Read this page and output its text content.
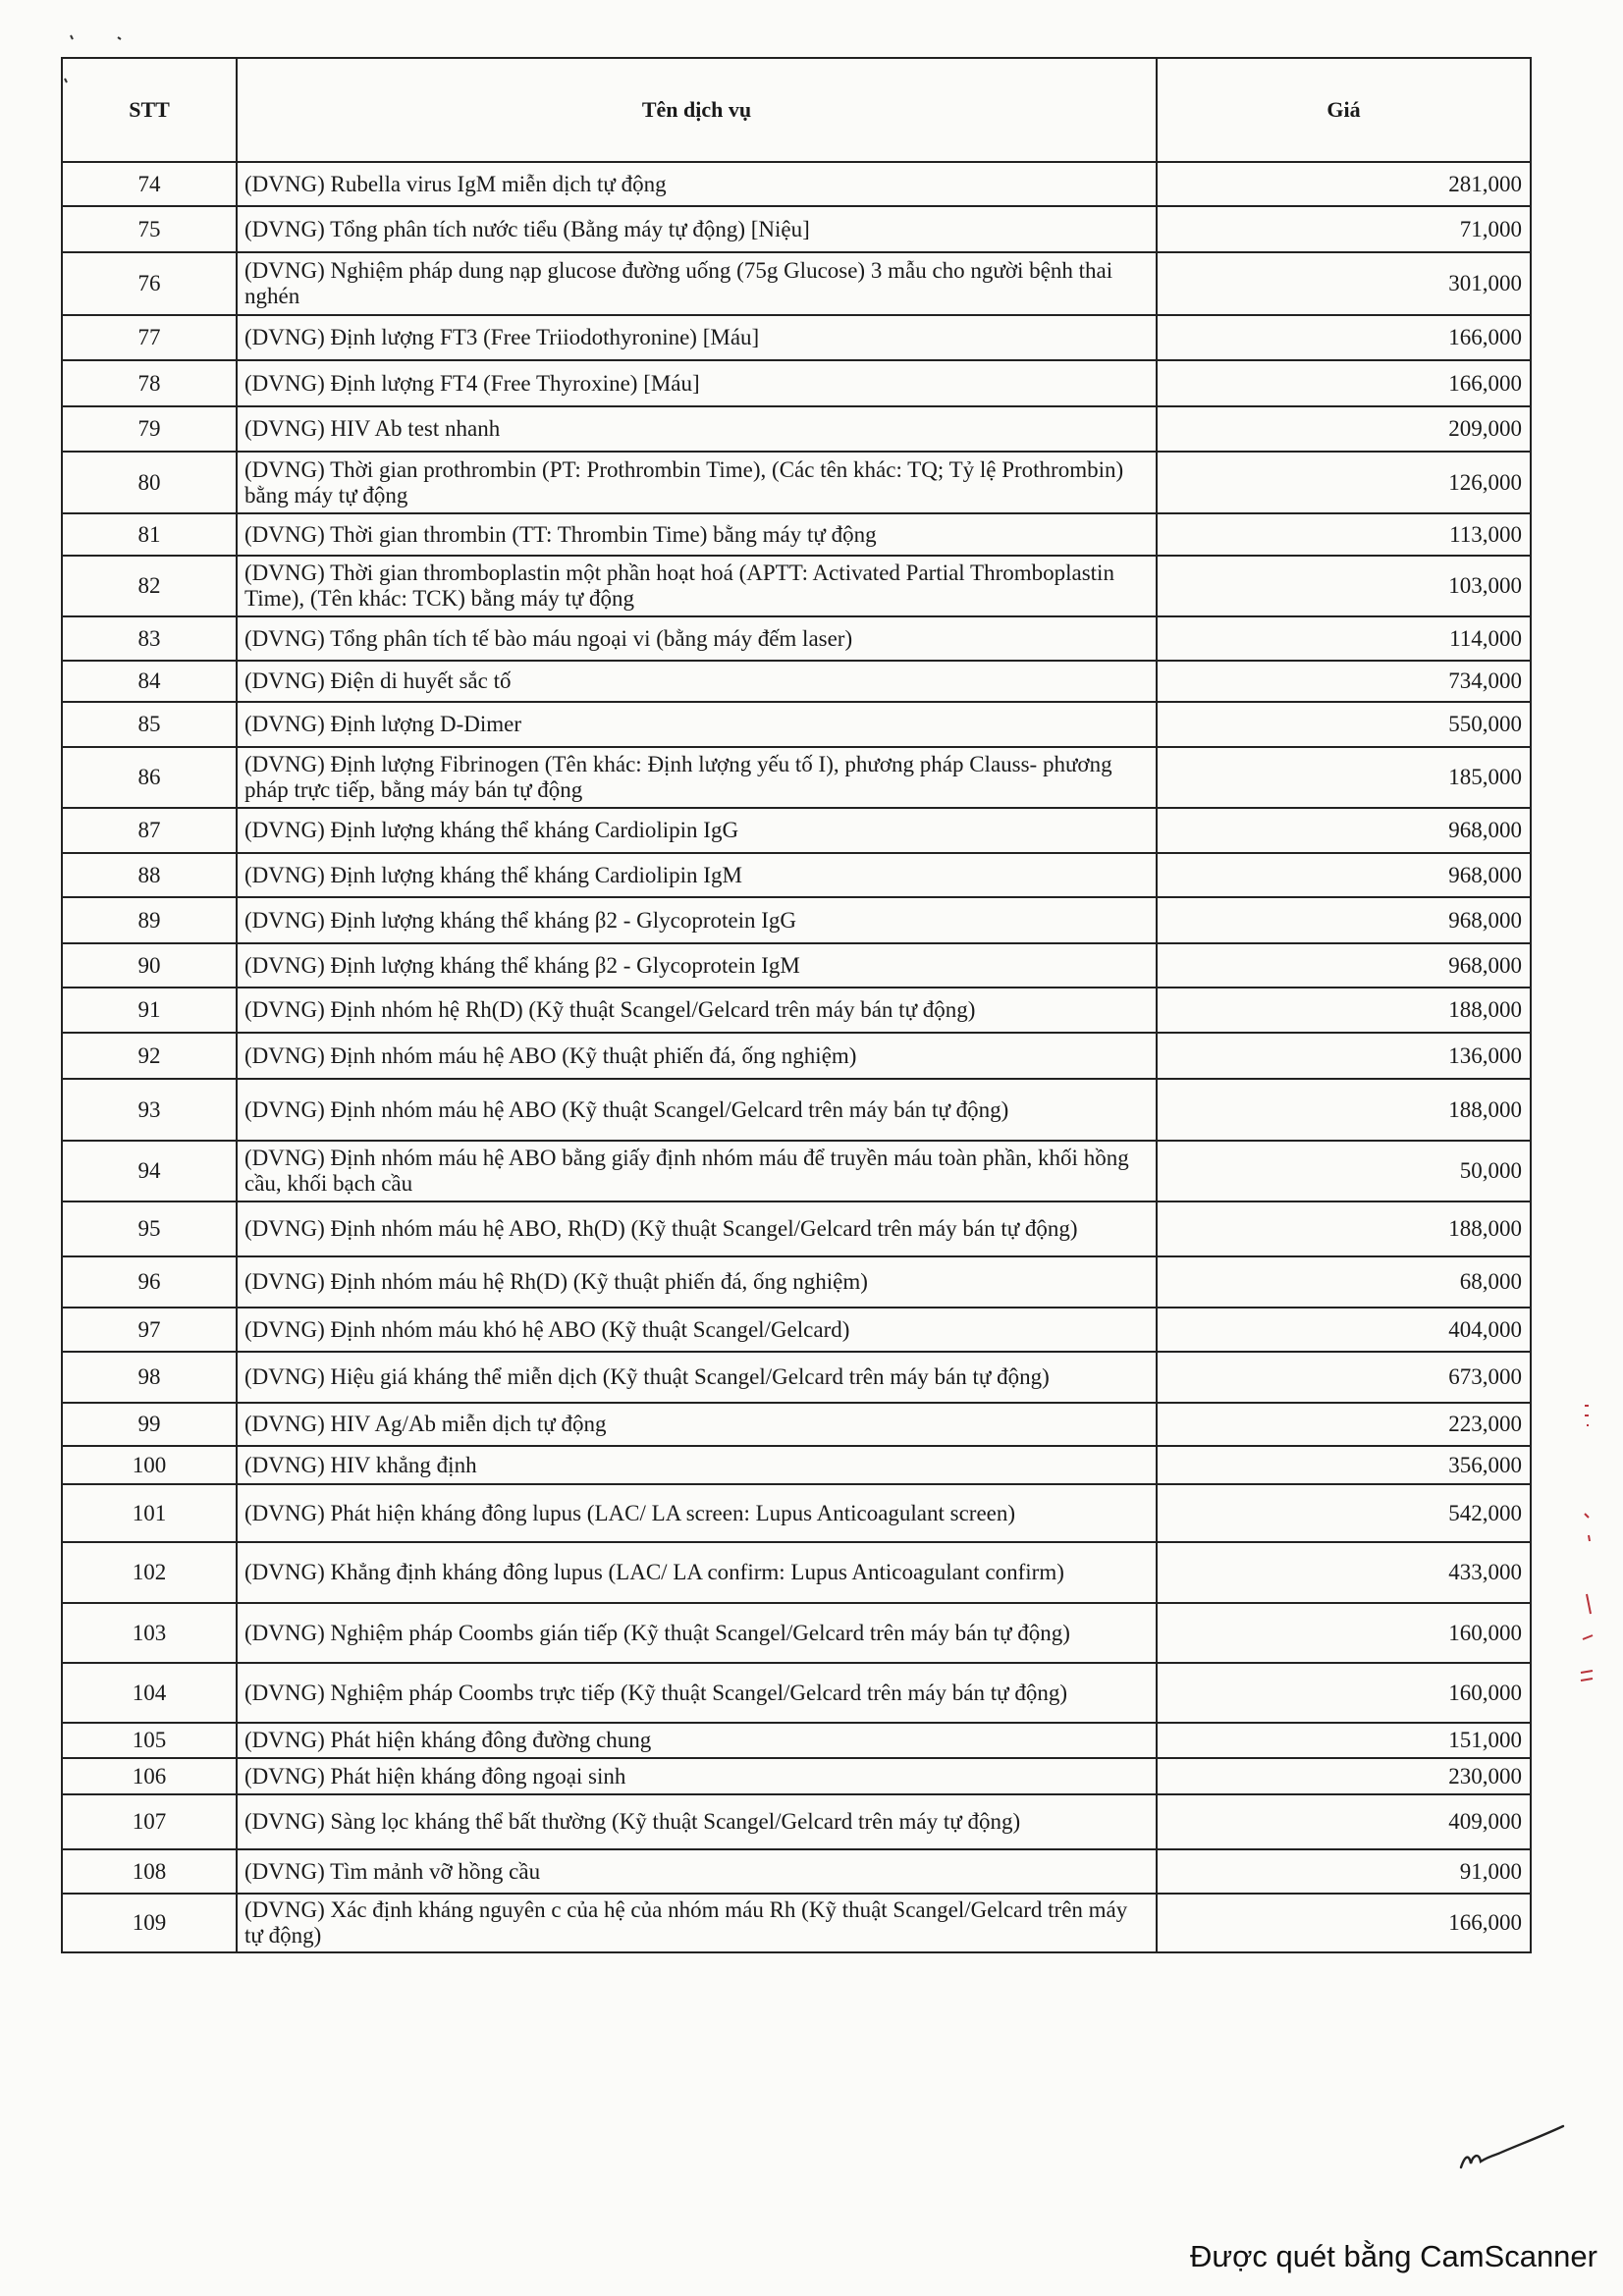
STT	Tên dịch vụ	Giá
74	(DVNG) Rubella virus IgM miễn dịch tự động	281,000
75	(DVNG) Tổng phân tích nước tiểu (Bằng máy tự động) [Niệu]	71,000
76	(DVNG) Nghiệm pháp dung nạp glucose đường uống (75g Glucose) 3 mẫu cho người bệnh thai nghén	301,000
77	(DVNG) Định lượng FT3 (Free Triiodothyronine) [Máu]	166,000
78	(DVNG) Định lượng FT4 (Free Thyroxine) [Máu]	166,000
79	(DVNG) HIV Ab test nhanh	209,000
80	(DVNG) Thời gian prothrombin (PT: Prothrombin Time), (Các tên khác: TQ; Tỷ lệ Prothrombin) bằng máy tự động	126,000
81	(DVNG) Thời gian thrombin (TT: Thrombin Time) bằng máy tự động	113,000
82	(DVNG) Thời gian thromboplastin một phần hoạt hoá (APTT: Activated Partial Thromboplastin Time), (Tên khác: TCK) bằng máy tự động	103,000
83	(DVNG) Tổng phân tích tế bào máu ngoại vi (bằng máy đếm laser)	114,000
84	(DVNG) Điện di huyết sắc tố	734,000
85	(DVNG) Định lượng D-Dimer	550,000
86	(DVNG) Định lượng Fibrinogen (Tên khác: Định lượng yếu tố I), phương pháp Clauss- phương pháp trực tiếp, bằng máy bán tự động	185,000
87	(DVNG) Định lượng kháng thể kháng Cardiolipin IgG	968,000
88	(DVNG) Định lượng kháng thể kháng Cardiolipin IgM	968,000
89	(DVNG) Định lượng kháng thể kháng β2 - Glycoprotein IgG	968,000
90	(DVNG) Định lượng kháng thể kháng β2 - Glycoprotein IgM	968,000
91	(DVNG) Định nhóm hệ Rh(D) (Kỹ thuật Scangel/Gelcard trên máy bán tự động)	188,000
92	(DVNG) Định nhóm máu hệ ABO (Kỹ thuật phiến đá, ống nghiệm)	136,000
93	(DVNG) Định nhóm máu hệ ABO (Kỹ thuật Scangel/Gelcard trên máy bán tự động)	188,000
94	(DVNG) Định nhóm máu hệ ABO bằng giấy định nhóm máu để truyền máu toàn phần, khối hồng cầu, khối bạch cầu	50,000
95	(DVNG) Định nhóm máu hệ ABO, Rh(D) (Kỹ thuật Scangel/Gelcard trên máy bán tự động)	188,000
96	(DVNG) Định nhóm máu hệ Rh(D) (Kỹ thuật phiến đá, ống nghiệm)	68,000
97	(DVNG) Định nhóm máu khó hệ ABO (Kỹ thuật Scangel/Gelcard)	404,000
98	(DVNG) Hiệu giá kháng thể miễn dịch (Kỹ thuật Scangel/Gelcard trên máy bán tự động)	673,000
99	(DVNG) HIV Ag/Ab miễn dịch tự động	223,000
100	(DVNG) HIV khẳng định	356,000
101	(DVNG) Phát hiện kháng đông lupus (LAC/ LA screen: Lupus Anticoagulant screen)	542,000
102	(DVNG) Khẳng định kháng đông lupus (LAC/ LA confirm: Lupus Anticoagulant confirm)	433,000
103	(DVNG) Nghiệm pháp Coombs gián tiếp (Kỹ thuật Scangel/Gelcard trên máy bán tự động)	160,000
104	(DVNG) Nghiệm pháp Coombs trực tiếp (Kỹ thuật Scangel/Gelcard trên máy bán tự động)	160,000
105	(DVNG) Phát hiện kháng đông đường chung	151,000
106	(DVNG) Phát hiện kháng đông ngoại sinh	230,000
107	(DVNG) Sàng lọc kháng thể bất thường (Kỹ thuật Scangel/Gelcard trên máy tự động)	409,000
108	(DVNG) Tìm mảnh vỡ hồng cầu	91,000
109	(DVNG) Xác định kháng nguyên c của hệ của nhóm máu Rh (Kỹ thuật Scangel/Gelcard trên máy tự động)	166,000
Được quét bằng CamScanner
